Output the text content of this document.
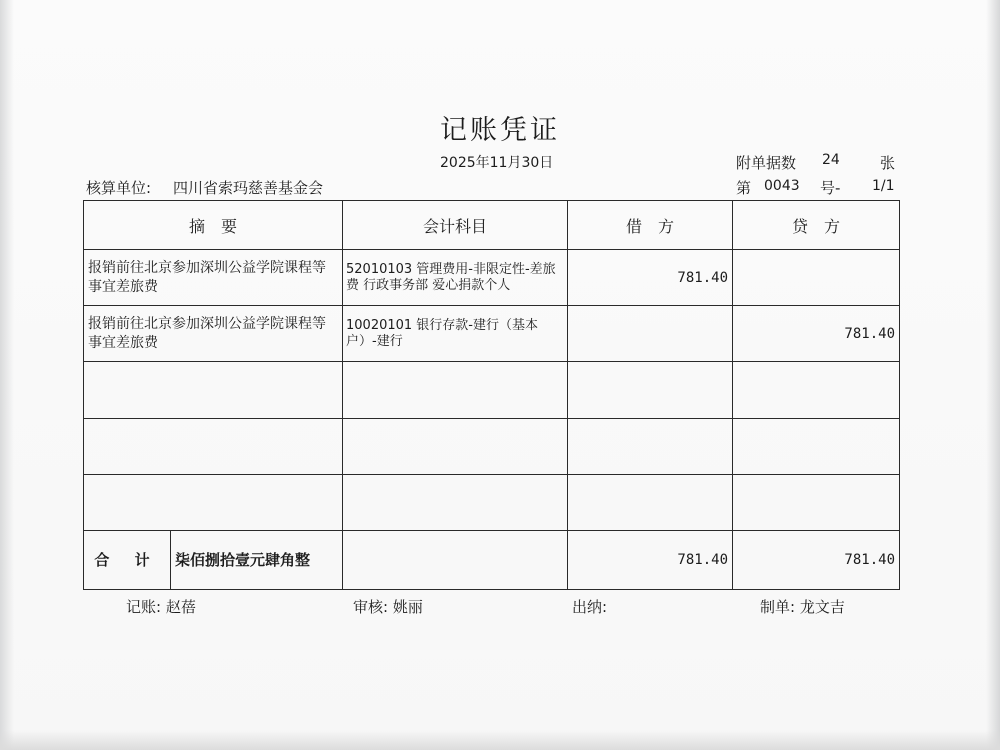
记账凭证
2025年11月30日	附单据数 24	张
核算单位: 四川省索玛慈善基金会	第 0043 号- 1/1
摘　要	会计科目	借　方	贷　方
报销前往北京参加深圳公益学院课程等事宜差旅费	52010103 管理费用-非限定性-差旅费 行政事务部 爱心捐款个人	781.40	
报销前往北京参加深圳公益学院课程等事宜差旅费	10020101 银行存款-建行（基本户）-建行		781.40

合 计 柒佰捌拾壹元肆角整		781.40	781.40
记账: 赵蓓	审核: 姚丽	出纳:	制单: 龙文吉
